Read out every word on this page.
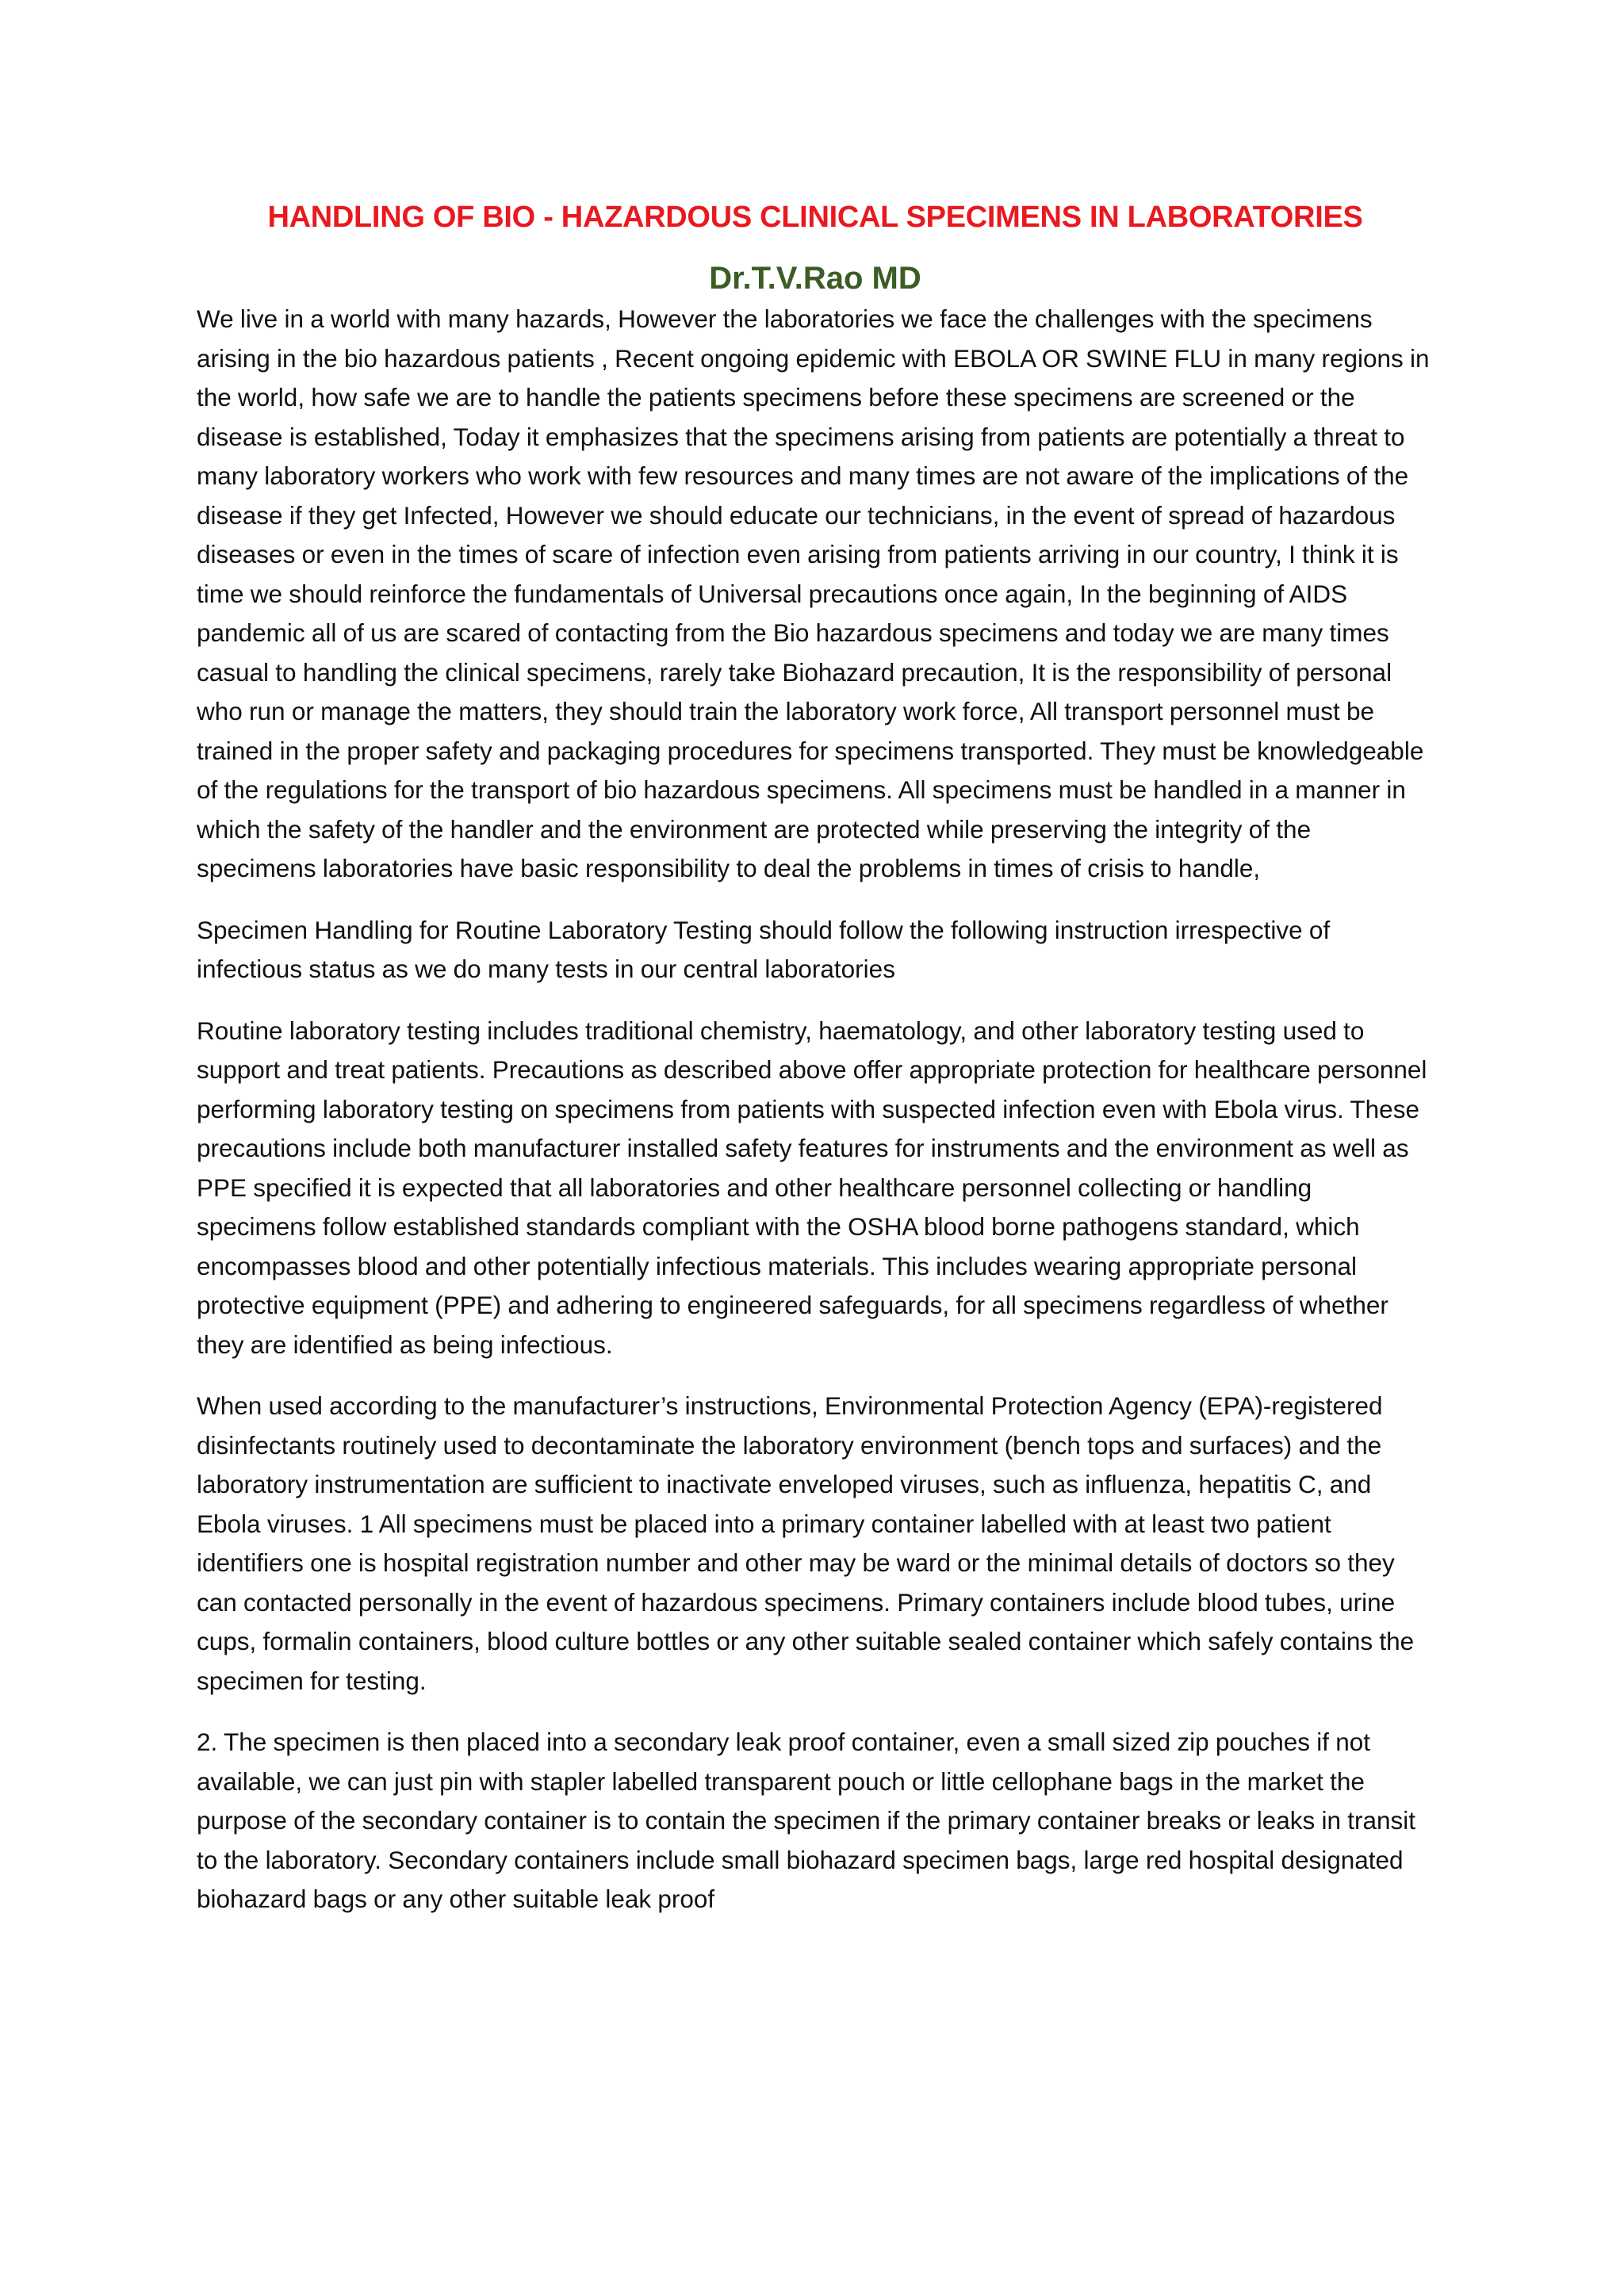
HANDLING OF BIO - HAZARDOUS CLINICAL SPECIMENS IN LABORATORIES
Dr.T.V.Rao MD

We live in a world with many hazards, However the laboratories we face the challenges with the specimens arising in the bio hazardous patients , Recent ongoing epidemic with EBOLA OR SWINE FLU in many regions in the world, how safe we are to handle the patients specimens before these specimens are screened or the disease is established, Today it emphasizes that the specimens arising from patients are potentially a threat to many laboratory workers who work with few resources and many times are not aware of the implications of the disease if they get Infected, However we should educate our technicians, in the event of spread of hazardous diseases or even in the times of scare of infection even arising from patients arriving in our country, I think it is time we should reinforce the fundamentals of Universal precautions once again, In the beginning of AIDS pandemic all of us are scared of contacting from the Bio hazardous specimens and today we are many times casual to handling the clinical specimens, rarely take Biohazard precaution, It is the responsibility of personal who run or manage the matters, they should train the laboratory work force, All transport personnel must be trained in the proper safety and packaging procedures for specimens transported. They must be knowledgeable of the regulations for the transport of bio hazardous specimens. All specimens must be handled in a manner in which the safety of the handler and the environment are protected while preserving the integrity of the specimens laboratories have basic responsibility to deal the problems in times of crisis to handle,

Specimen Handling for Routine Laboratory Testing should follow the following instruction irrespective of infectious status as we do many tests in our central laboratories

Routine laboratory testing includes traditional chemistry, haematology, and other laboratory testing used to support and treat patients. Precautions as described above offer appropriate protection for healthcare personnel performing laboratory testing on specimens from patients with suspected infection even with Ebola virus. These precautions include both manufacturer installed safety features for instruments and the environment as well as PPE specified it is expected that all laboratories and other healthcare personnel collecting or handling specimens follow established standards compliant with the OSHA blood borne pathogens standard, which encompasses blood and other potentially infectious materials. This includes wearing appropriate personal protective equipment (PPE) and adhering to engineered safeguards, for all specimens regardless of whether they are identified as being infectious.

When used according to the manufacturer’s instructions, Environmental Protection Agency (EPA)-registered disinfectants routinely used to decontaminate the laboratory environment (bench tops and surfaces) and the laboratory instrumentation are sufficient to inactivate enveloped viruses, such as influenza, hepatitis C, and Ebola viruses. 1 All specimens must be placed into a primary container labelled with at least two patient identifiers one is hospital registration number and other may be ward or the minimal details of doctors so they can contacted personally in the event of hazardous specimens. Primary containers include blood tubes, urine cups, formalin containers, blood culture bottles or any other suitable sealed container which safely contains the specimen for testing.

2. The specimen is then placed into a secondary leak proof container, even a small sized zip pouches if not available, we can just pin with stapler labelled transparent pouch or little cellophane bags in the market the purpose of the secondary container is to contain the specimen if the primary container breaks or leaks in transit to the laboratory. Secondary containers include small biohazard specimen bags, large red hospital designated biohazard bags or any other suitable leak proof
